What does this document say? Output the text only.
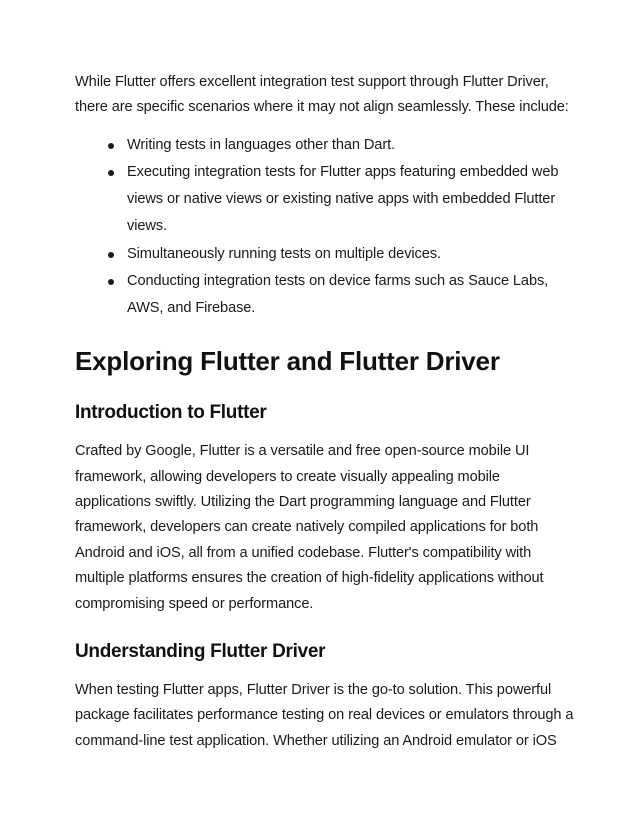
While Flutter offers excellent integration test support through Flutter Driver, there are specific scenarios where it may not align seamlessly. These include:

Writing tests in languages other than Dart.
Executing integration tests for Flutter apps featuring embedded web views or native views or existing native apps with embedded Flutter views.
Simultaneously running tests on multiple devices.
Conducting integration tests on device farms such as Sauce Labs, AWS, and Firebase.
Exploring Flutter and Flutter Driver
Introduction to Flutter

Crafted by Google, Flutter is a versatile and free open-source mobile UI framework, allowing developers to create visually appealing mobile applications swiftly. Utilizing the Dart programming language and Flutter framework, developers can create natively compiled applications for both Android and iOS, all from a unified codebase. Flutter's compatibility with multiple platforms ensures the creation of high-fidelity applications without compromising speed or performance.

Understanding Flutter Driver

When testing Flutter apps, Flutter Driver is the go-to solution. This powerful package facilitates performance testing on real devices or emulators through a command-line test application. Whether utilizing an Android emulator or iOS
